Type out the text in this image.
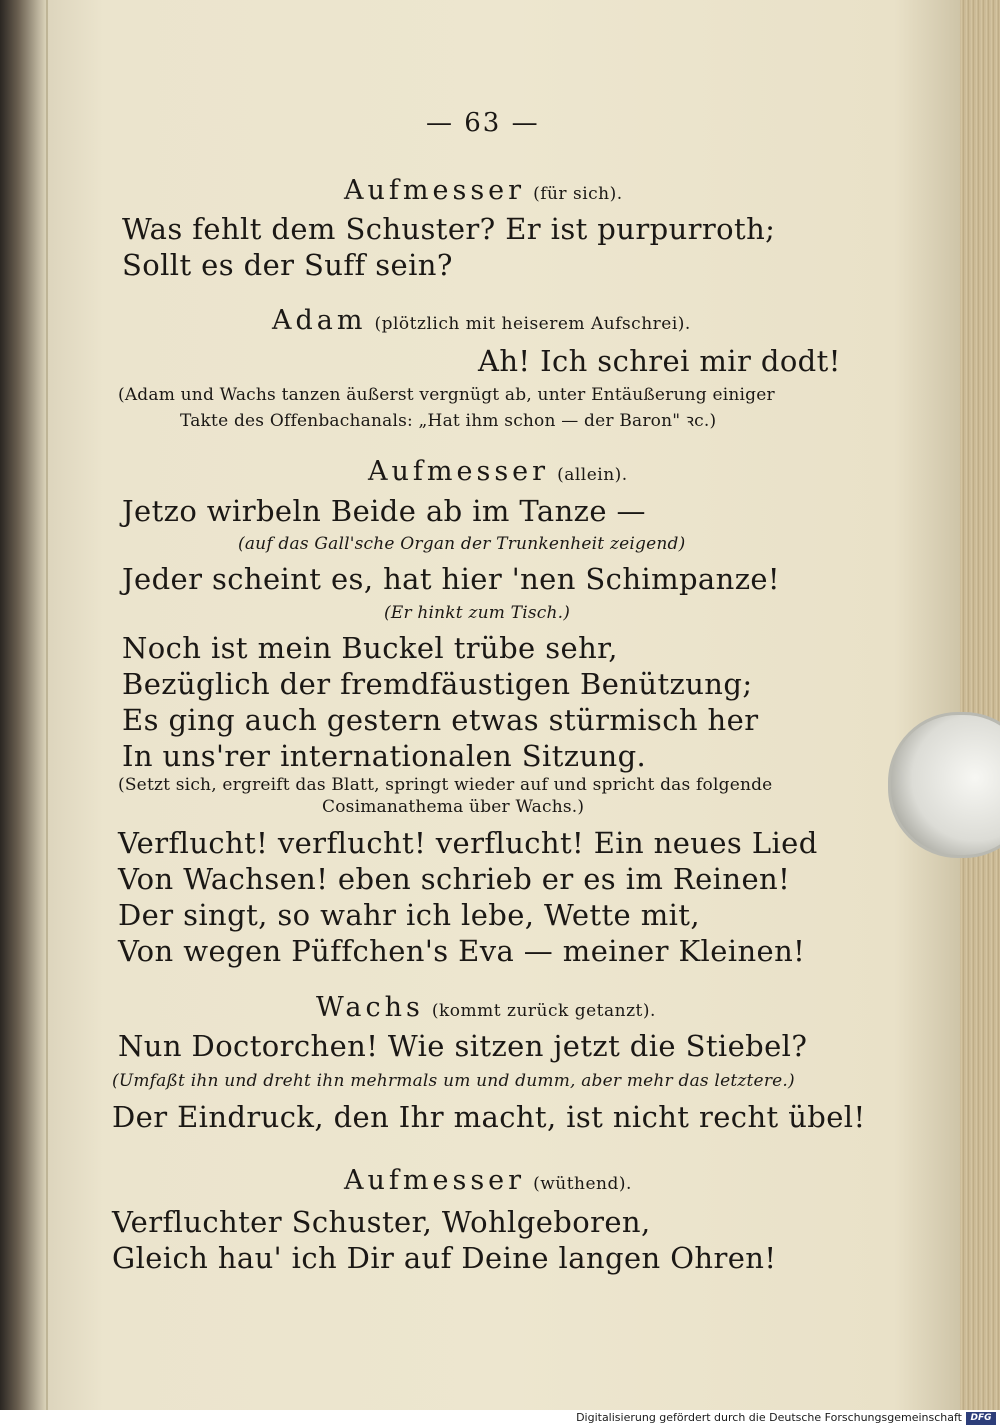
— 63 —
Aufmesser (für sich).
Was fehlt dem Schuster? Er ist purpurroth;
Sollt es der Suff sein?
Adam (plötzlich mit heiserem Aufschrei).
Ah! Ich schrei mir dodt!
(Adam und Wachs tanzen äußerst vergnügt ab, unter Entäußerung einiger
Takte des Offenbachanals: „Hat ihm schon — der Baron" ꝛc.)
Aufmesser (allein).
Jetzo wirbeln Beide ab im Tanze —
(auf das Gall'sche Organ der Trunkenheit zeigend)
Jeder scheint es, hat hier 'nen Schimpanze!
(Er hinkt zum Tisch.)
Noch ist mein Buckel trübe sehr,
Bezüglich der fremdfäustigen Benützung;
Es ging auch gestern etwas stürmisch her
In uns'rer internationalen Sitzung.
(Setzt sich, ergreift das Blatt, springt wieder auf und spricht das folgende
Cosimanathema über Wachs.)
Verflucht! verflucht! verflucht! Ein neues Lied
Von Wachsen! eben schrieb er es im Reinen!
Der singt, so wahr ich lebe, Wette mit,
Von wegen Püffchen's Eva — meiner Kleinen!
Wachs (kommt zurück getanzt).
Nun Doctorchen! Wie sitzen jetzt die Stiebel?
(Umfaßt ihn und dreht ihn mehrmals um und dumm, aber mehr das letztere.)
Der Eindruck, den Ihr macht, ist nicht recht übel!
Aufmesser (wüthend).
Verfluchter Schuster, Wohlgeboren,
Gleich hau' ich Dir auf Deine langen Ohren!
Digitalisierung gefördert durch die Deutsche Forschungsgemeinschaft DFG
